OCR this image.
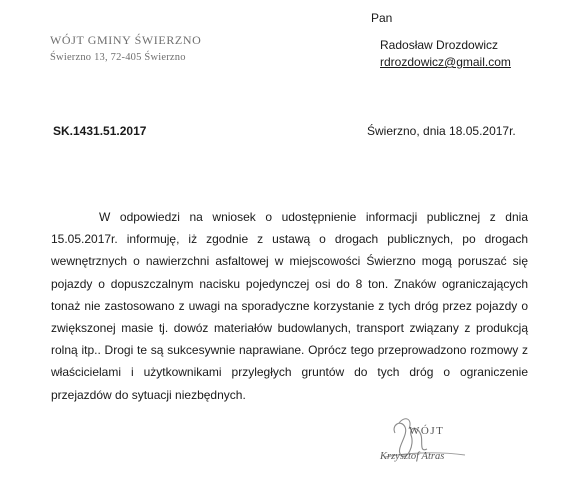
WÓJT GMINY ŚWIERZNO
Świerzno 13, 72-405 Świerzno
Pan
Radosław Drozdowicz
rdrozdowicz@gmail.com
SK.1431.51.2017	Świerzno, dnia 18.05.2017r.

W odpowiedzi na wniosek o udostępnienie informacji publicznej z dnia 15.05.2017r. informuję, iż zgodnie z ustawą o drogach publicznych, po drogach wewnętrznych o nawierzchni asfaltowej w miejscowości Świerzno mogą poruszać się pojazdy o dopuszczalnym nacisku pojedynczej osi do 8 ton. Znaków ograniczających tonaż nie zastosowano z uwagi na sporadyczne korzystanie z tych dróg przez pojazdy o zwiększonej masie tj. dowóz materiałów budowlanych, transport związany z produkcją rolną itp.. Drogi te są sukcesywnie naprawiane. Oprócz tego przeprowadzono rozmowy z właścicielami i użytkownikami przyległych gruntów do tych dróg o ograniczenie przejazdów do sytuacji niezbędnych.

WÓJT
Krzysztof Atras
